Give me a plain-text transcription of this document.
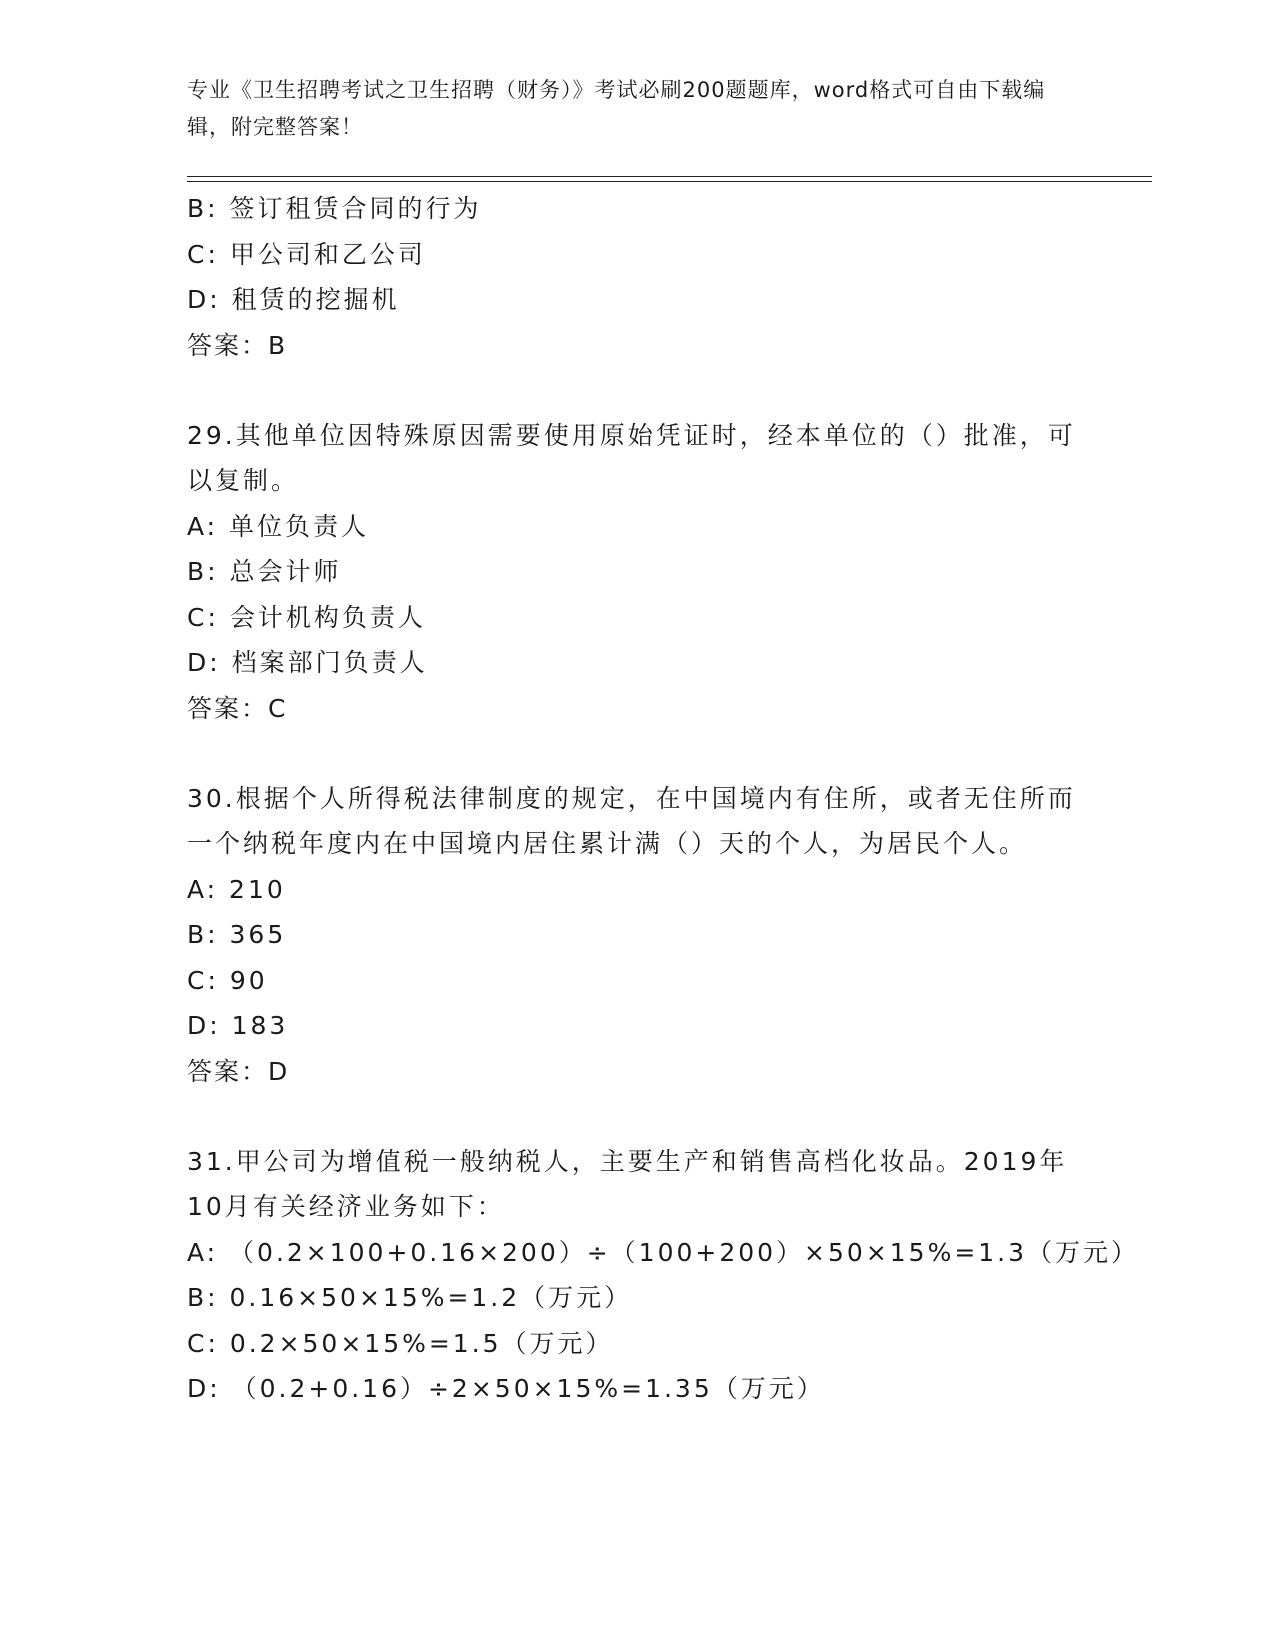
专业《卫生招聘考试之卫生招聘（财务）》考试必刷200题题库，word格式可自由下载编辑，附完整答案！
B: 签订租赁合同的行为
C: 甲公司和乙公司
D: 租赁的挖掘机
答案：B
29.其他单位因特殊原因需要使用原始凭证时，经本单位的（）批准，可以复制。
A: 单位负责人
B: 总会计师
C: 会计机构负责人
D: 档案部门负责人
答案：C
30.根据个人所得税法律制度的规定，在中国境内有住所，或者无住所而一个纳税年度内在中国境内居住累计满（）天的个人，为居民个人。
A: 210
B: 365
C: 90
D: 183
答案：D
31.甲公司为增值税一般纳税人，主要生产和销售高档化妆品。2019年10月有关经济业务如下：
A: （0.2×100+0.16×200）÷（100+200）×50×15%=1.3（万元）
B: 0.16×50×15%=1.2（万元）
C: 0.2×50×15%=1.5（万元）
D: （0.2+0.16）÷2×50×15%=1.35（万元）
